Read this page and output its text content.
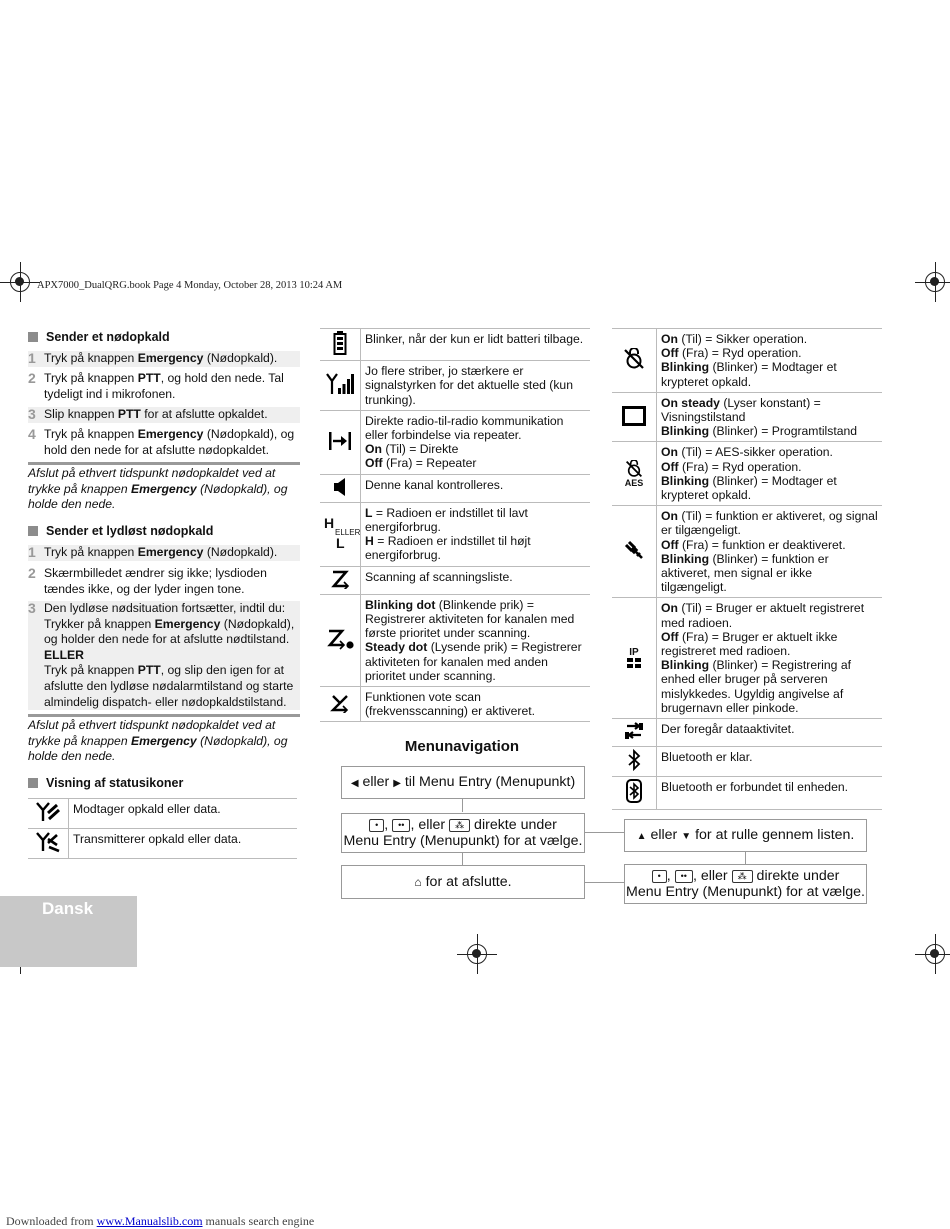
APX7000_DualQRG.book Page 4 Monday, October 28, 2013 10:24 AM
Sender et nødopkald
1 Tryk på knappen Emergency (Nødopkald).
2 Tryk på knappen PTT, og hold den nede. Tal tydeligt ind i mikrofonen.
3 Slip knappen PTT for at afslutte opkaldet.
4 Tryk på knappen Emergency (Nødopkald), og hold den nede for at afslutte nødopkaldet.
Afslut på ethvert tidspunkt nødopkaldet ved at trykke på knappen Emergency (Nødopkald), og holde den nede.
Sender et lydløst nødopkald
1 Tryk på knappen Emergency (Nødopkald).
2 Skærmbilledet ændrer sig ikke; lysdioden tændes ikke, og der lyder ingen tone.
3 Den lydløse nødsituation fortsætter, indtil du:
Trykker på knappen Emergency (Nødopkald), og holder den nede for at afslutte nødtilstand.
ELLER
Tryk på knappen PTT, og slip den igen for at afslutte den lydløse nødalarmtilstand og starte almindelig dispatch- eller nødopkaldstilstand.
Afslut på ethvert tidspunkt nødopkaldet ved at trykke på knappen Emergency (Nødopkald), og holde den nede.
Visning af statusikoner
	Modtager opkald eller data.
	Transmitterer opkald eller data.
	Blinker, når der kun er lidt batteri tilbage.
	Jo flere striber, jo stærkere er signalstyrken for det aktuelle sted (kun trunking).
	Direkte radio-til-radio kommunikation eller forbindelse via repeater.
On (Til) = Direkte
Off (Fra) = Repeater
	Denne kanal kontrolleres.

H
ELLER
L	L = Radioen er indstillet til lavt energiforbrug.
H = Radioen er indstillet til højt energiforbrug.
	Scanning af scanningsliste.
	Blinking dot (Blinkende prik) = Registrerer aktiviteten for kanalen med første prioritet under scanning.
Steady dot (Lysende prik) = Registrerer aktiviteten for kanalen med anden prioritet under scanning.
	Funktionen vote scan (frekvensscanning) er aktiveret.
	On (Til) = Sikker operation.
Off (Fra) = Ryd operation.
Blinking (Blinker) = Modtager et krypteret opkald.
	On steady (Lyser konstant) = Visningstilstand
Blinking (Blinker) = Programtilstand

AES	On (Til) = AES-sikker operation.
Off (Fra) = Ryd operation.
Blinking (Blinker) = Modtager et krypteret opkald.
	On (Til) = funktion er aktiveret, og signal er tilgængeligt.
Off (Fra) = funktion er deaktiveret.
Blinking (Blinker) = funktion er aktiveret, men signal er ikke tilgængeligt.

IP	On (Til) = Bruger er aktuelt registreret med radioen.
Off (Fra) = Bruger er aktuelt ikke registreret med radioen.
Blinking (Blinker) = Registrering af enhed eller bruger på serveren mislykkedes. Ugyldig angivelse af brugernavn eller pinkode.
	Der foregår dataaktivitet.
	Bluetooth er klar.
	Bluetooth er forbundet til enheden.
Menunavigation
◀ eller ▶ til Menu Entry (Menupunkt)
• , •• , eller ⁂ direkte under
Menu Entry (Menupunkt) for at vælge.
⌂ for at afslutte.
▲ eller ▼ for at rulle gennem listen.
• , •• , eller ⁂ direkte under
Menu Entry (Menupunkt) for at vælge.
Dansk
Downloaded from www.Manualslib.com manuals search engine
